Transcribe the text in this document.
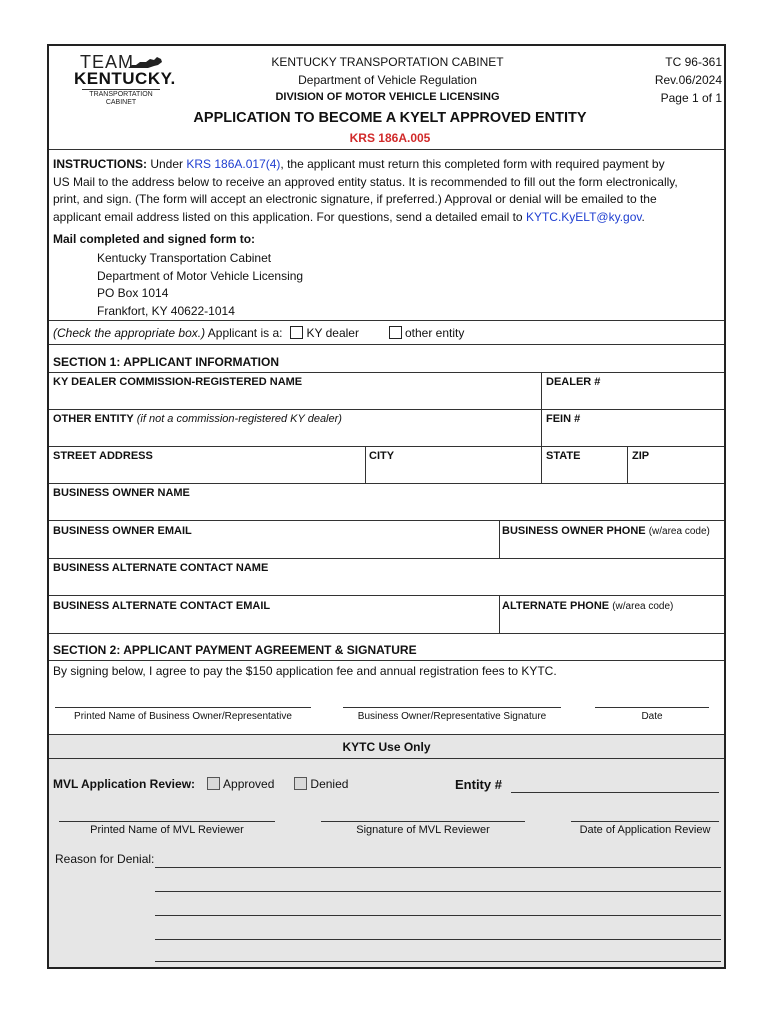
TEAM
KENTUCKY.
TRANSPORTATION
CABINET
KENTUCKY TRANSPORTATION CABINET
Department of Vehicle Regulation
DIVISION OF MOTOR VEHICLE LICENSING
TC 96-361
Rev.06/2024
Page 1 of 1
APPLICATION TO BECOME A KYELT APPROVED ENTITY
KRS 186A.005
INSTRUCTIONS: Under KRS 186A.017(4), the applicant must return this completed form with required payment by
US Mail to the address below to receive an approved entity status. It is recommended to fill out the form electronically,
print, and sign. (The form will accept an electronic signature, if preferred.) Approval or denial will be emailed to the
applicant email address listed on this application. For questions, send a detailed email to KYTC.KyELT@ky.gov.
Mail completed and signed form to:
Kentucky Transportation Cabinet
Department of Motor Vehicle Licensing
PO Box 1014
Frankfort, KY 40622-1014
(Check the appropriate box.) Applicant is a: KY dealer	other entity
SECTION 1: APPLICANT INFORMATION
KY DEALER COMMISSION-REGISTERED NAME	DEALER #
OTHER ENTITY (if not a commission-registered KY dealer)	FEIN #
STREET ADDRESS	CITY	STATE	ZIP
BUSINESS OWNER NAME
BUSINESS OWNER EMAIL	BUSINESS OWNER PHONE (w/area code)
BUSINESS ALTERNATE CONTACT NAME
BUSINESS ALTERNATE CONTACT EMAIL	ALTERNATE PHONE (w/area code)
SECTION 2: APPLICANT PAYMENT AGREEMENT & SIGNATURE
By signing below, I agree to pay the $150 application fee and annual registration fees to KYTC.
Printed Name of Business Owner/Representative	Business Owner/Representative Signature	Date
KYTC Use Only
MVL Application Review: Approved	Denied	Entity #
Printed Name of MVL Reviewer	Signature of MVL Reviewer	Date of Application Review
Reason for Denial:
